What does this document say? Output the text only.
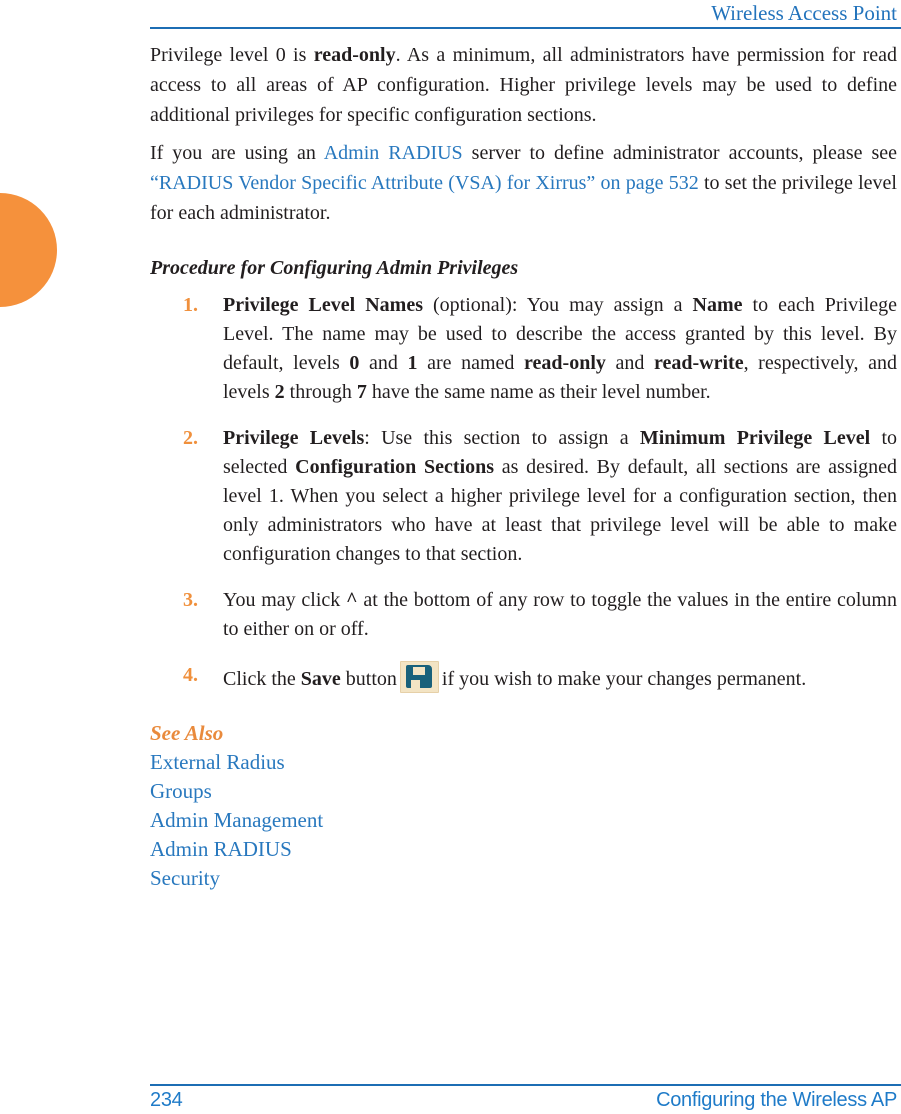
Wireless Access Point

Privilege level 0 is read-only. As a minimum, all administrators have permission for read access to all areas of AP configuration. Higher privilege levels may be used to define additional privileges for specific configuration sections.

If you are using an Admin RADIUS server to define administrator accounts, please see “RADIUS Vendor Specific Attribute (VSA) for Xirrus” on page 532 to set the privilege level for each administrator.

Procedure for Configuring Admin Privileges
1. Privilege Level Names (optional): You may assign a Name to each Privilege Level. The name may be used to describe the access granted by this level. By default, levels 0 and 1 are named read-only and read-write, respectively, and levels 2 through 7 have the same name as their level number.
2. Privilege Levels: Use this section to assign a Minimum Privilege Level to selected Configuration Sections as desired. By default, all sections are assigned level 1. When you select a higher privilege level for a configuration section, then only administrators who have at least that privilege level will be able to make configuration changes to that section.
3. You may click ^ at the bottom of any row to toggle the values in the entire column to either on or off.
4. Click the Save button if you wish to make your changes permanent.
See Also
External Radius
Groups
Admin Management
Admin RADIUS
Security
234	Configuring the Wireless AP
